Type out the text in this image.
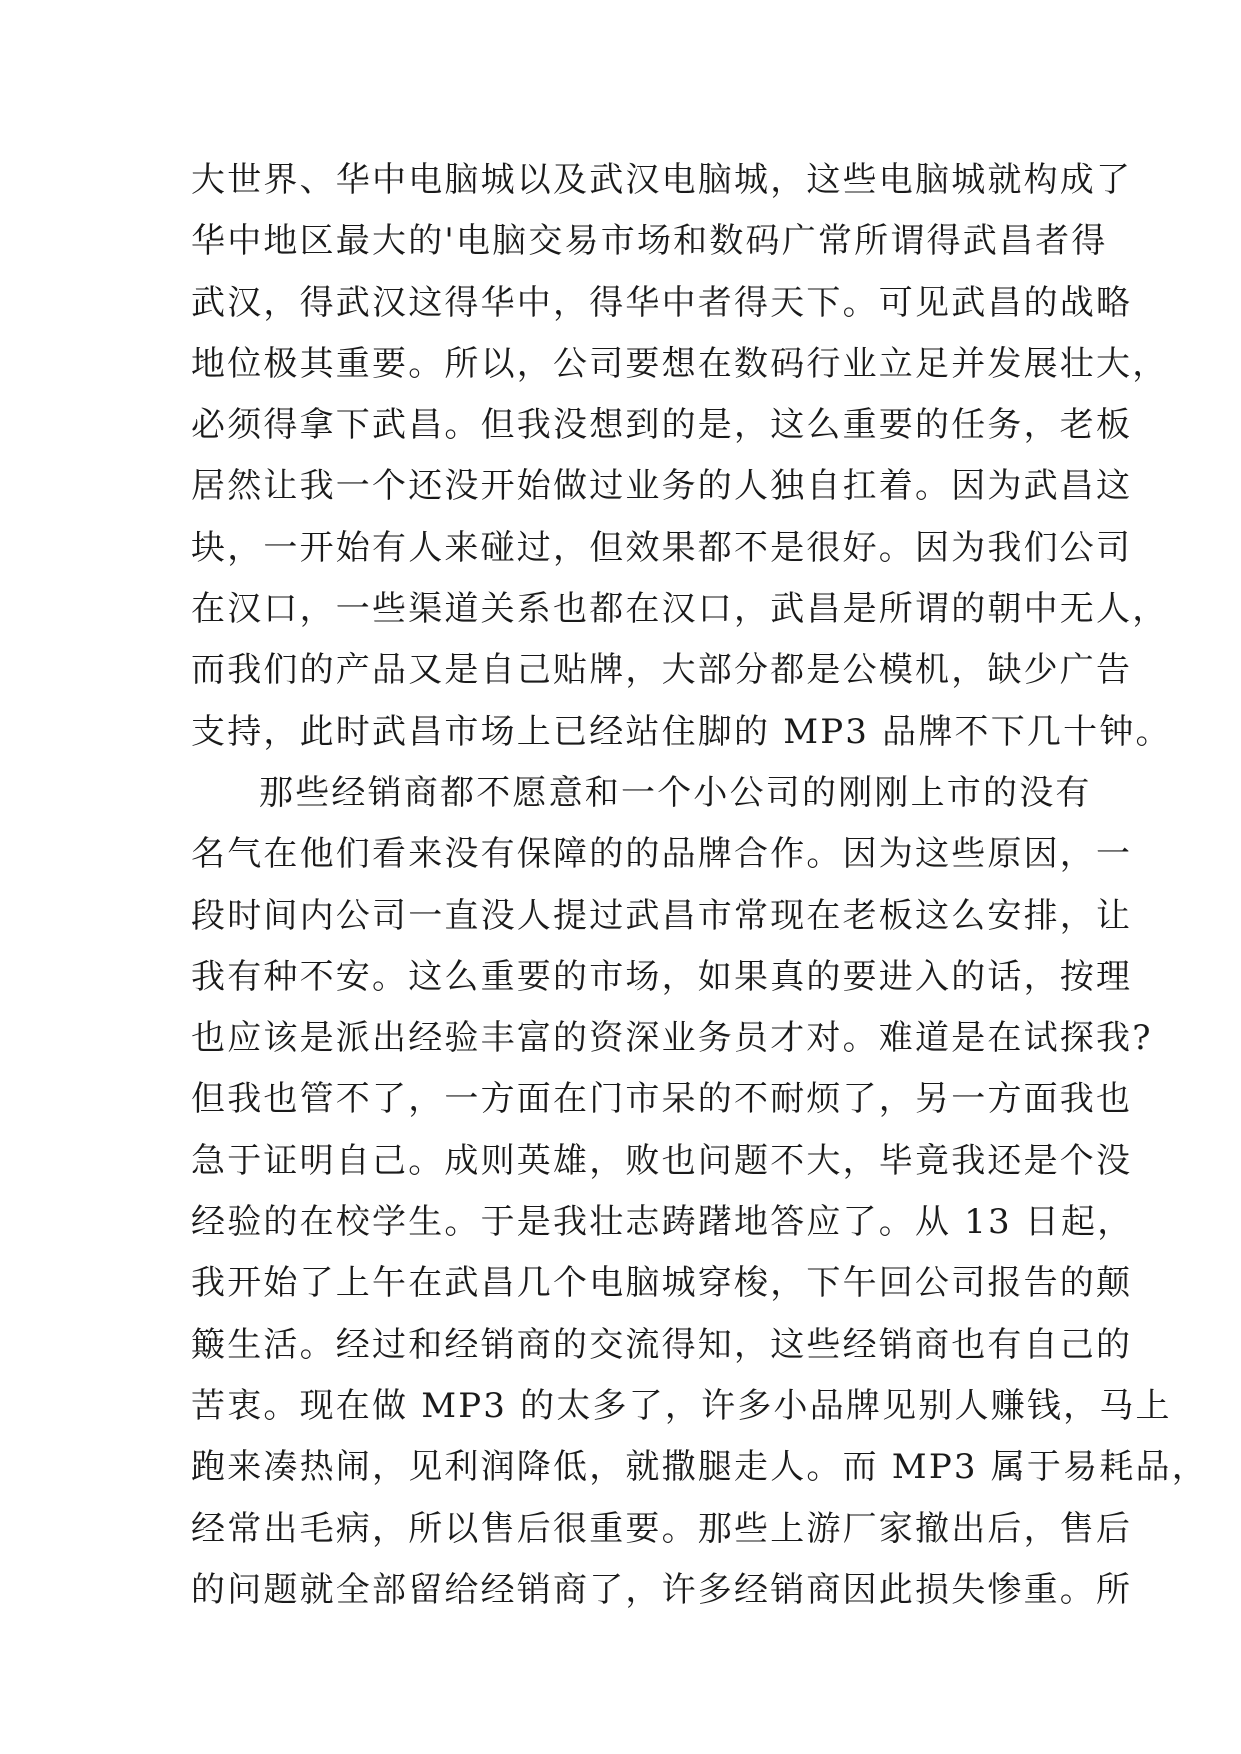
大世界、华中电脑城以及武汉电脑城，这些电脑城就构成了
华中地区最大的'电脑交易市场和数码广常所谓得武昌者得
武汉，得武汉这得华中，得华中者得天下。可见武昌的战略
地位极其重要。所以，公司要想在数码行业立足并发展壮大，
必须得拿下武昌。但我没想到的是，这么重要的任务，老板
居然让我一个还没开始做过业务的人独自扛着。因为武昌这
块，一开始有人来碰过，但效果都不是很好。因为我们公司
在汉口，一些渠道关系也都在汉口，武昌是所谓的朝中无人，
而我们的产品又是自己贴牌，大部分都是公模机，缺少广告
支持，此时武昌市场上已经站住脚的 MP3 品牌不下几十钟。
那些经销商都不愿意和一个小公司的刚刚上市的没有
名气在他们看来没有保障的的品牌合作。因为这些原因，一
段时间内公司一直没人提过武昌市常现在老板这么安排，让
我有种不安。这么重要的市场，如果真的要进入的话，按理
也应该是派出经验丰富的资深业务员才对。难道是在试探我?
但我也管不了，一方面在门市呆的不耐烦了，另一方面我也
急于证明自己。成则英雄，败也问题不大，毕竟我还是个没
经验的在校学生。于是我壮志踌躇地答应了。从 13 日起，
我开始了上午在武昌几个电脑城穿梭，下午回公司报告的颠
簸生活。经过和经销商的交流得知，这些经销商也有自己的
苦衷。现在做 MP3 的太多了，许多小品牌见别人赚钱，马上
跑来凑热闹，见利润降低，就撒腿走人。而 MP3 属于易耗品，
经常出毛病，所以售后很重要。那些上游厂家撤出后，售后
的问题就全部留给经销商了，许多经销商因此损失惨重。所
